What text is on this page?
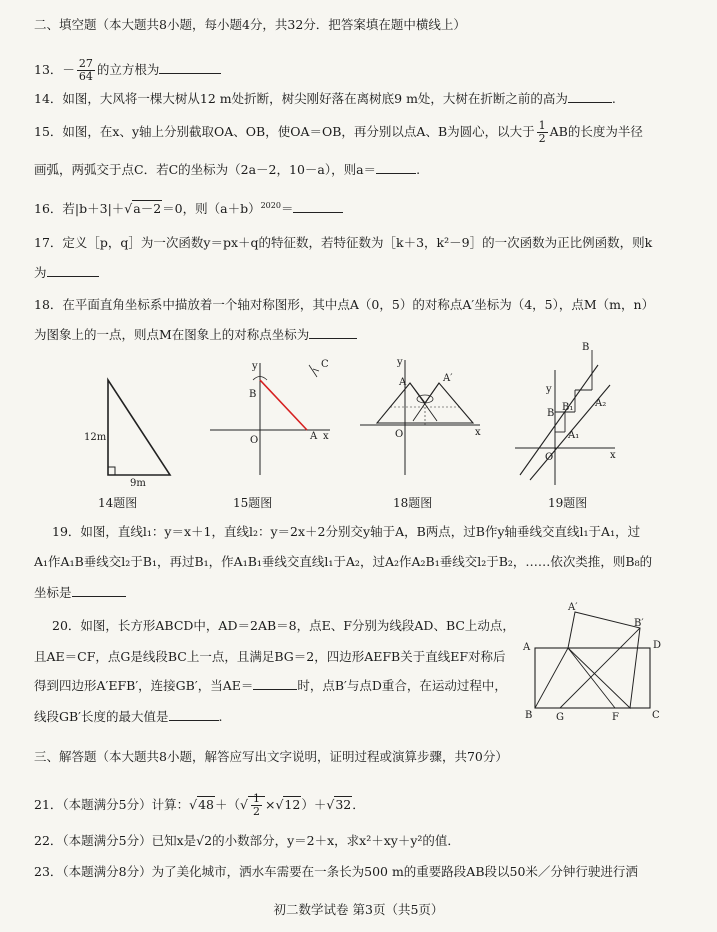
二、填空题（本大题共8小题，每小题4分，共32分．把答案填在题中横线上）
13．－ $\frac{27}{64}$ 的立方根为
14．如图，大风将一棵大树从12 m处折断，树尖刚好落在离树底9 m处，大树在折断之前的高为	.
15．如图，在x、y轴上分别截取OA、OB，使OA＝OB，再分别以点A、B为圆心，以大于 $\frac{1}{2}$ AB的长度为半径
画弧，两弧交于点C．若C的坐标为（2a－2，10－a），则a＝	.
16．若|b＋3|＋√a－2＝0，则$(a+b)^{2020}=$
17．定义［p，q］为一次函数y＝px＋q的特征数，若特征数为［k＋3，k²－9］的一次函数为正比例函数，则k
为
18．在平面直角坐标系中描放着一个轴对称图形，其中点A（0，5）的对称点A′坐标为（4，5），点M（m，n）
为图象上的一点，则点M在图象上的对称点坐标为
12m
9m
14题图
y
x
B
A
O
C
15题图
y
x
A	A′
O
18题图
y
x
O
A₁
A₂
B₁
B
B
19题图
19．如图，直线l₁：y＝x＋1，直线l₂：y＝2x＋2分别交y轴于A，B两点，过B作y轴垂线交直线l₁于A₁，过
A₁作A₁B垂线交l₂于B₁，再过B₁，作A₁B₁垂线交直线l₁于A₂，过A₂作A₂B₁垂线交l₂于B₂，……依次类推，则B₈的
坐标是
20．如图，长方形ABCD中，AD＝2AB＝8，点E、F分别为线段AD、BC上动点，
且AE＝CF，点G是线段BC上一点，且满足BG＝2，四边形AEFB关于直线EF对称后
得到四边形A′EFB′，连接GB′，当AE＝	时，点B′与点D重合，在运动过程中，
线段GB′长度的最大值是	.
A′
B′
A	D
B G	F	C
三、解答题（本大题共8小题，解答应写出文字说明，证明过程或演算步骤，共70分）
21．（本题满分5分）计算：$√48+(√ \frac{1}{2} \times√12)+√32$．
22．（本题满分5分）已知x是√2的小数部分，y＝2＋x，求x²＋xy＋y²的值．
23．（本题满分8分）为了美化城市，洒水车需要在一条长为500 m的重要路段AB段以50米／分钟行驶进行洒
初二数学试卷 第3页（共5页）
